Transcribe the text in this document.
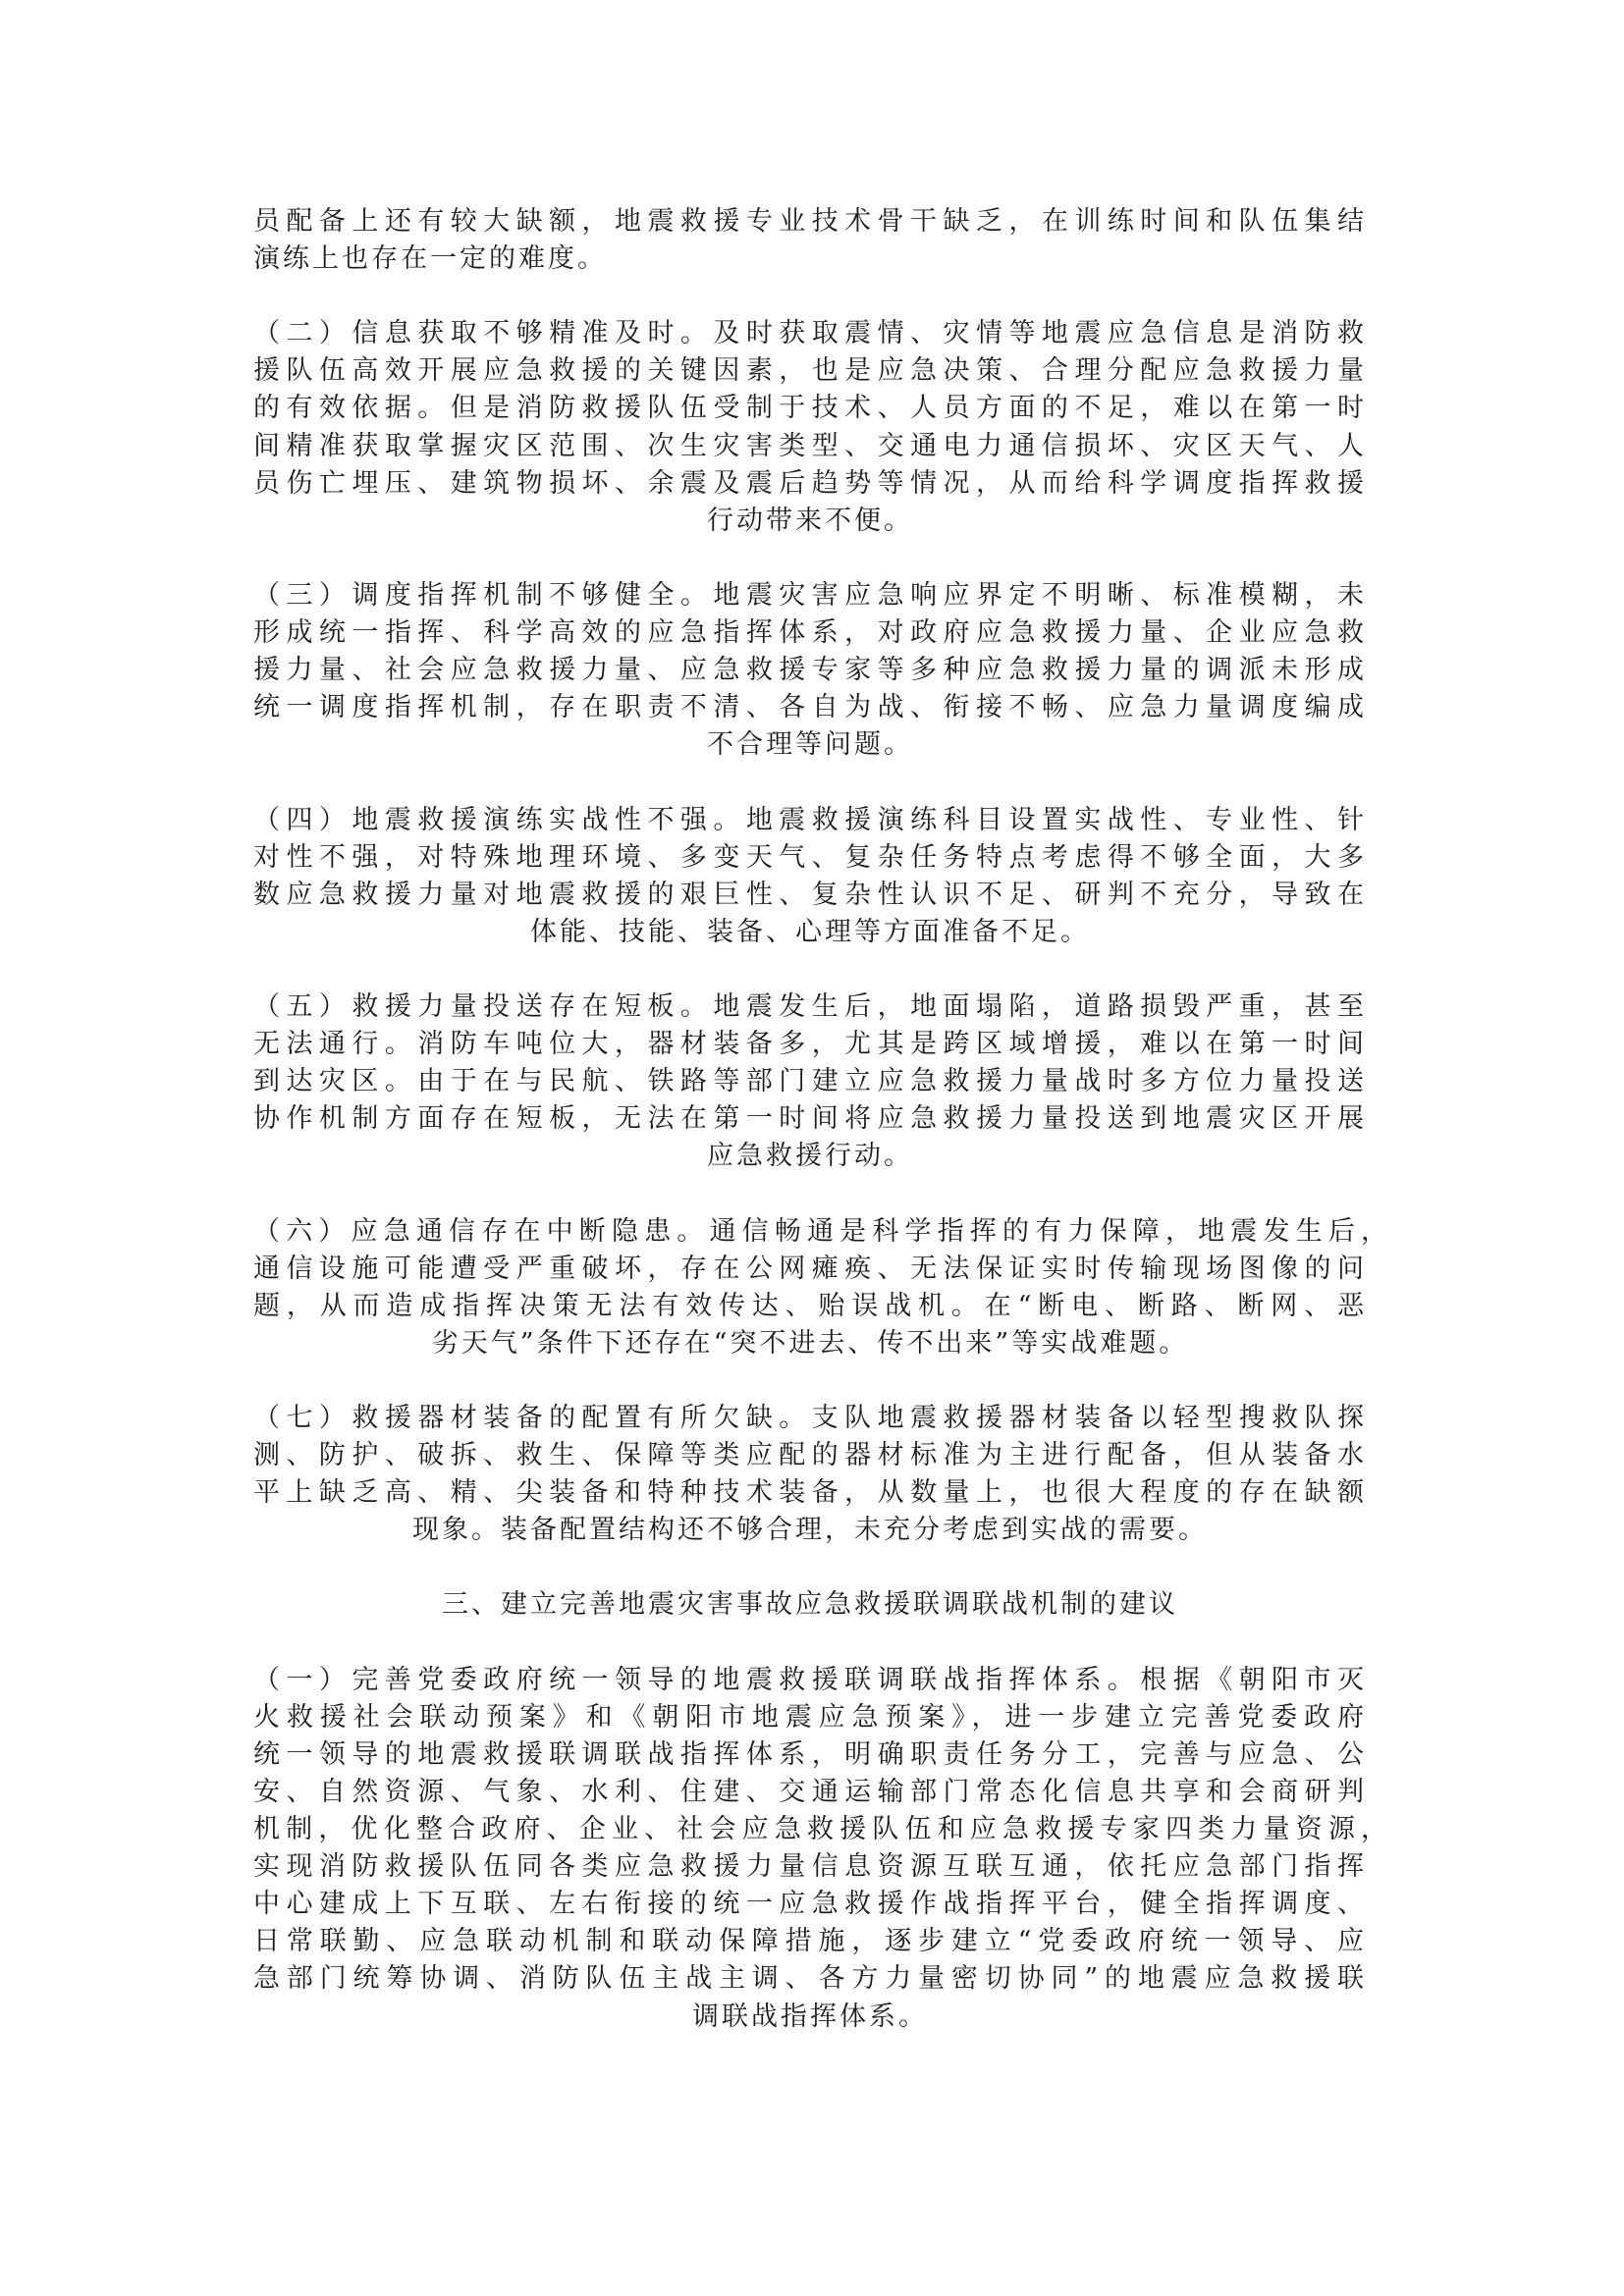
员配备上还有较大缺额，地震救援专业技术骨干缺乏，在训练时间和队伍集结
演练上也存在一定的难度。
（二）信息获取不够精准及时。及时获取震情、灾情等地震应急信息是消防救
援队伍高效开展应急救援的关键因素，也是应急决策、合理分配应急救援力量
的有效依据。但是消防救援队伍受制于技术、人员方面的不足，难以在第一时
间精准获取掌握灾区范围、次生灾害类型、交通电力通信损坏、灾区天气、人
员伤亡埋压、建筑物损坏、余震及震后趋势等情况，从而给科学调度指挥救援
行动带来不便。
（三）调度指挥机制不够健全。地震灾害应急响应界定不明晰、标准模糊，未
形成统一指挥、科学高效的应急指挥体系，对政府应急救援力量、企业应急救
援力量、社会应急救援力量、应急救援专家等多种应急救援力量的调派未形成
统一调度指挥机制，存在职责不清、各自为战、衔接不畅、应急力量调度编成
不合理等问题。
（四）地震救援演练实战性不强。地震救援演练科目设置实战性、专业性、针
对性不强，对特殊地理环境、多变天气、复杂任务特点考虑得不够全面，大多
数应急救援力量对地震救援的艰巨性、复杂性认识不足、研判不充分，导致在
体能、技能、装备、心理等方面准备不足。
（五）救援力量投送存在短板。地震发生后，地面塌陷，道路损毁严重，甚至
无法通行。消防车吨位大，器材装备多，尤其是跨区域增援，难以在第一时间
到达灾区。由于在与民航、铁路等部门建立应急救援力量战时多方位力量投送
协作机制方面存在短板，无法在第一时间将应急救援力量投送到地震灾区开展
应急救援行动。
（六）应急通信存在中断隐患。通信畅通是科学指挥的有力保障，地震发生后，
通信设施可能遭受严重破坏，存在公网瘫痪、无法保证实时传输现场图像的问
题，从而造成指挥决策无法有效传达、贻误战机。在“断电、断路、断网、恶
劣天气”条件下还存在“突不进去、传不出来”等实战难题。
（七）救援器材装备的配置有所欠缺。支队地震救援器材装备以轻型搜救队探
测、防护、破拆、救生、保障等类应配的器材标准为主进行配备，但从装备水
平上缺乏高、精、尖装备和特种技术装备，从数量上，也很大程度的存在缺额
现象。装备配置结构还不够合理，未充分考虑到实战的需要。
三、建立完善地震灾害事故应急救援联调联战机制的建议
（一）完善党委政府统一领导的地震救援联调联战指挥体系。根据《朝阳市灭
火救援社会联动预案》和《朝阳市地震应急预案》，进一步建立完善党委政府
统一领导的地震救援联调联战指挥体系，明确职责任务分工，完善与应急、公
安、自然资源、气象、水利、住建、交通运输部门常态化信息共享和会商研判
机制，优化整合政府、企业、社会应急救援队伍和应急救援专家四类力量资源，
实现消防救援队伍同各类应急救援力量信息资源互联互通，依托应急部门指挥
中心建成上下互联、左右衔接的统一应急救援作战指挥平台，健全指挥调度、
日常联勤、应急联动机制和联动保障措施，逐步建立“党委政府统一领导、应
急部门统筹协调、消防队伍主战主调、各方力量密切协同”的地震应急救援联
调联战指挥体系。
